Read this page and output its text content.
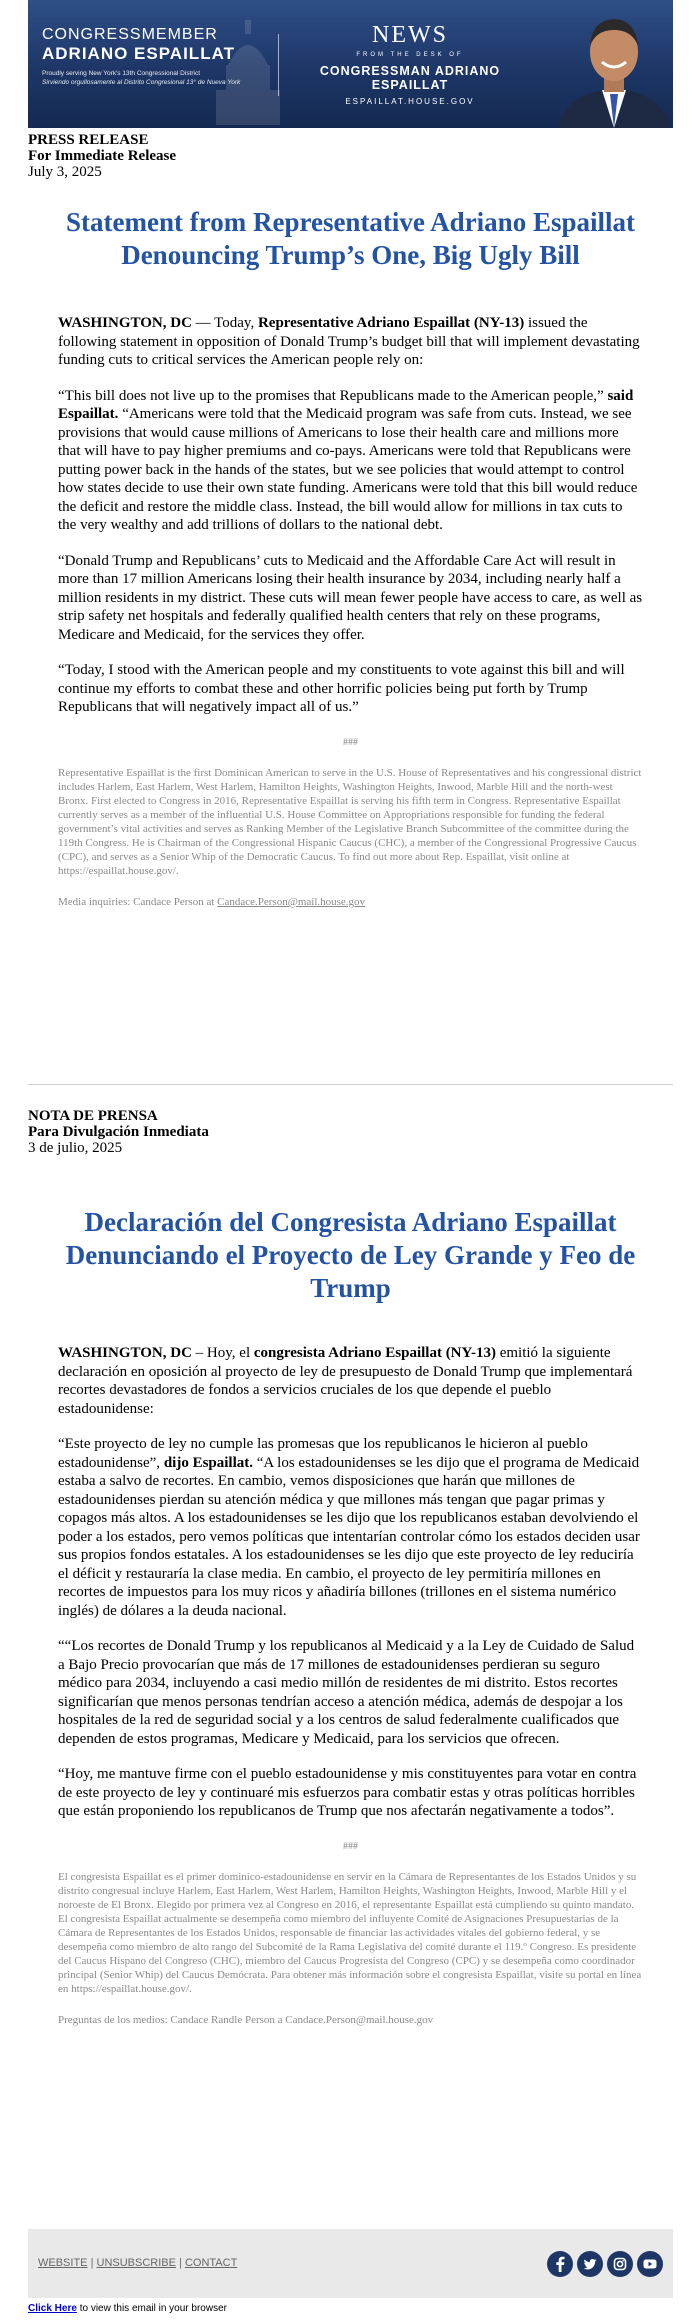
CONGRESSMEMBER
ADRIANO ESPAILLAT
Proudly serving New York's 13th Congressional District
Sirviendo orgullosamente al Distrito Congresional 13° de Nueva York
NEWS
FROM THE DESK OF
CONGRESSMAN ADRIANO ESPAILLAT
ESPAILLAT.HOUSE.GOV
PRESS RELEASE
For Immediate Release
July 3, 2025
Statement from Representative Adriano Espaillat Denouncing Trump’s One, Big Ugly Bill

WASHINGTON, DC — Today, Representative Adriano Espaillat (NY-13) issued the following statement in opposition of Donald Trump’s budget bill that will implement devastating funding cuts to critical services the American people rely on:

“This bill does not live up to the promises that Republicans made to the American people,” said Espaillat. “Americans were told that the Medicaid program was safe from cuts. Instead, we see provisions that would cause millions of Americans to lose their health care and millions more that will have to pay higher premiums and co-pays. Americans were told that Republicans were putting power back in the hands of the states, but we see policies that would attempt to control how states decide to use their own state funding. Americans were told that this bill would reduce the deficit and restore the middle class. Instead, the bill would allow for millions in tax cuts to the very wealthy and add trillions of dollars to the national debt.

“Donald Trump and Republicans’ cuts to Medicaid and the Affordable Care Act will result in more than 17 million Americans losing their health insurance by 2034, including nearly half a million residents in my district. These cuts will mean fewer people have access to care, as well as strip safety net hospitals and federally qualified health centers that rely on these programs, Medicare and Medicaid, for the services they offer.

“Today, I stood with the American people and my constituents to vote against this bill and will continue my efforts to combat these and other horrific policies being put forth by Trump Republicans that will negatively impact all of us.”

###

Representative Espaillat is the first Dominican American to serve in the U.S. House of Representatives and his congressional district includes Harlem, East Harlem, West Harlem, Hamilton Heights, Washington Heights, Inwood, Marble Hill and the north-west Bronx. First elected to Congress in 2016, Representative Espaillat is serving his fifth term in Congress. Representative Espaillat currently serves as a member of the influential U.S. House Committee on Appropriations responsible for funding the federal government’s vital activities and serves as Ranking Member of the Legislative Branch Subcommittee of the committee during the 119th Congress. He is Chairman of the Congressional Hispanic Caucus (CHC), a member of the Congressional Progressive Caucus (CPC), and serves as a Senior Whip of the Democratic Caucus. To find out more about Rep. Espaillat, visit online at https://espaillat.house.gov/.

Media inquiries: Candace Person at Candace.Person@mail.house.gov
NOTA DE PRENSA
Para Divulgación Inmediata
3 de julio, 2025
Declaración del Congresista Adriano Espaillat Denunciando el Proyecto de Ley Grande y Feo de Trump

WASHINGTON, DC – Hoy, el congresista Adriano Espaillat (NY-13) emitió la siguiente declaración en oposición al proyecto de ley de presupuesto de Donald Trump que implementará recortes devastadores de fondos a servicios cruciales de los que depende el pueblo estadounidense:

“Este proyecto de ley no cumple las promesas que los republicanos le hicieron al pueblo estadounidense”, dijo Espaillat. “A los estadounidenses se les dijo que el programa de Medicaid estaba a salvo de recortes. En cambio, vemos disposiciones que harán que millones de estadounidenses pierdan su atención médica y que millones más tengan que pagar primas y copagos más altos. A los estadounidenses se les dijo que los republicanos estaban devolviendo el poder a los estados, pero vemos políticas que intentarían controlar cómo los estados deciden usar sus propios fondos estatales. A los estadounidenses se les dijo que este proyecto de ley reduciría el déficit y restauraría la clase media. En cambio, el proyecto de ley permitiría millones en recortes de impuestos para los muy ricos y añadiría billones (trillones en el sistema numérico inglés) de dólares a la deuda nacional.

““Los recortes de Donald Trump y los republicanos al Medicaid y a la Ley de Cuidado de Salud a Bajo Precio provocarían que más de 17 millones de estadounidenses perdieran su seguro médico para 2034, incluyendo a casi medio millón de residentes de mi distrito. Estos recortes significarían que menos personas tendrían acceso a atención médica, además de despojar a los hospitales de la red de seguridad social y a los centros de salud federalmente cualificados que dependen de estos programas, Medicare y Medicaid, para los servicios que ofrecen.

“Hoy, me mantuve firme con el pueblo estadounidense y mis constituyentes para votar en contra de este proyecto de ley y continuaré mis esfuerzos para combatir estas y otras políticas horribles que están proponiendo los republicanos de Trump que nos afectarán negativamente a todos”.

###

El congresista Espaillat es el primer dominico-estadounidense en servir en la Cámara de Representantes de los Estados Unidos y su distrito congresual incluye Harlem, East Harlem, West Harlem, Hamilton Heights, Washington Heights, Inwood, Marble Hill y el noroeste de El Bronx. Elegido por primera vez al Congreso en 2016, el representante Espaillat está cumpliendo su quinto mandato. El congresista Espaillat actualmente se desempeña como miembro del influyente Comité de Asignaciones Presupuestarias de la Cámara de Representantes de los Estados Unidos, responsable de financiar las actividades vitales del gobierno federal, y se desempeña como miembro de alto rango del Subcomité de la Rama Legislativa del comité durante el 119.º Congreso. Es presidente del Caucus Hispano del Congreso (CHC), miembro del Caucus Progresista del Congreso (CPC) y se desempeña como coordinador principal (Senior Whip) del Caucus Demócrata. Para obtener más información sobre el congresista Espaillat, visite su portal en línea en https://espaillat.house.gov/.

Preguntas de los medios: Candace Randle Person a Candace.Person@mail.house.gov
WEBSITE | UNSUBSCRIBE | CONTACT
Click Here to view this email in your browser
